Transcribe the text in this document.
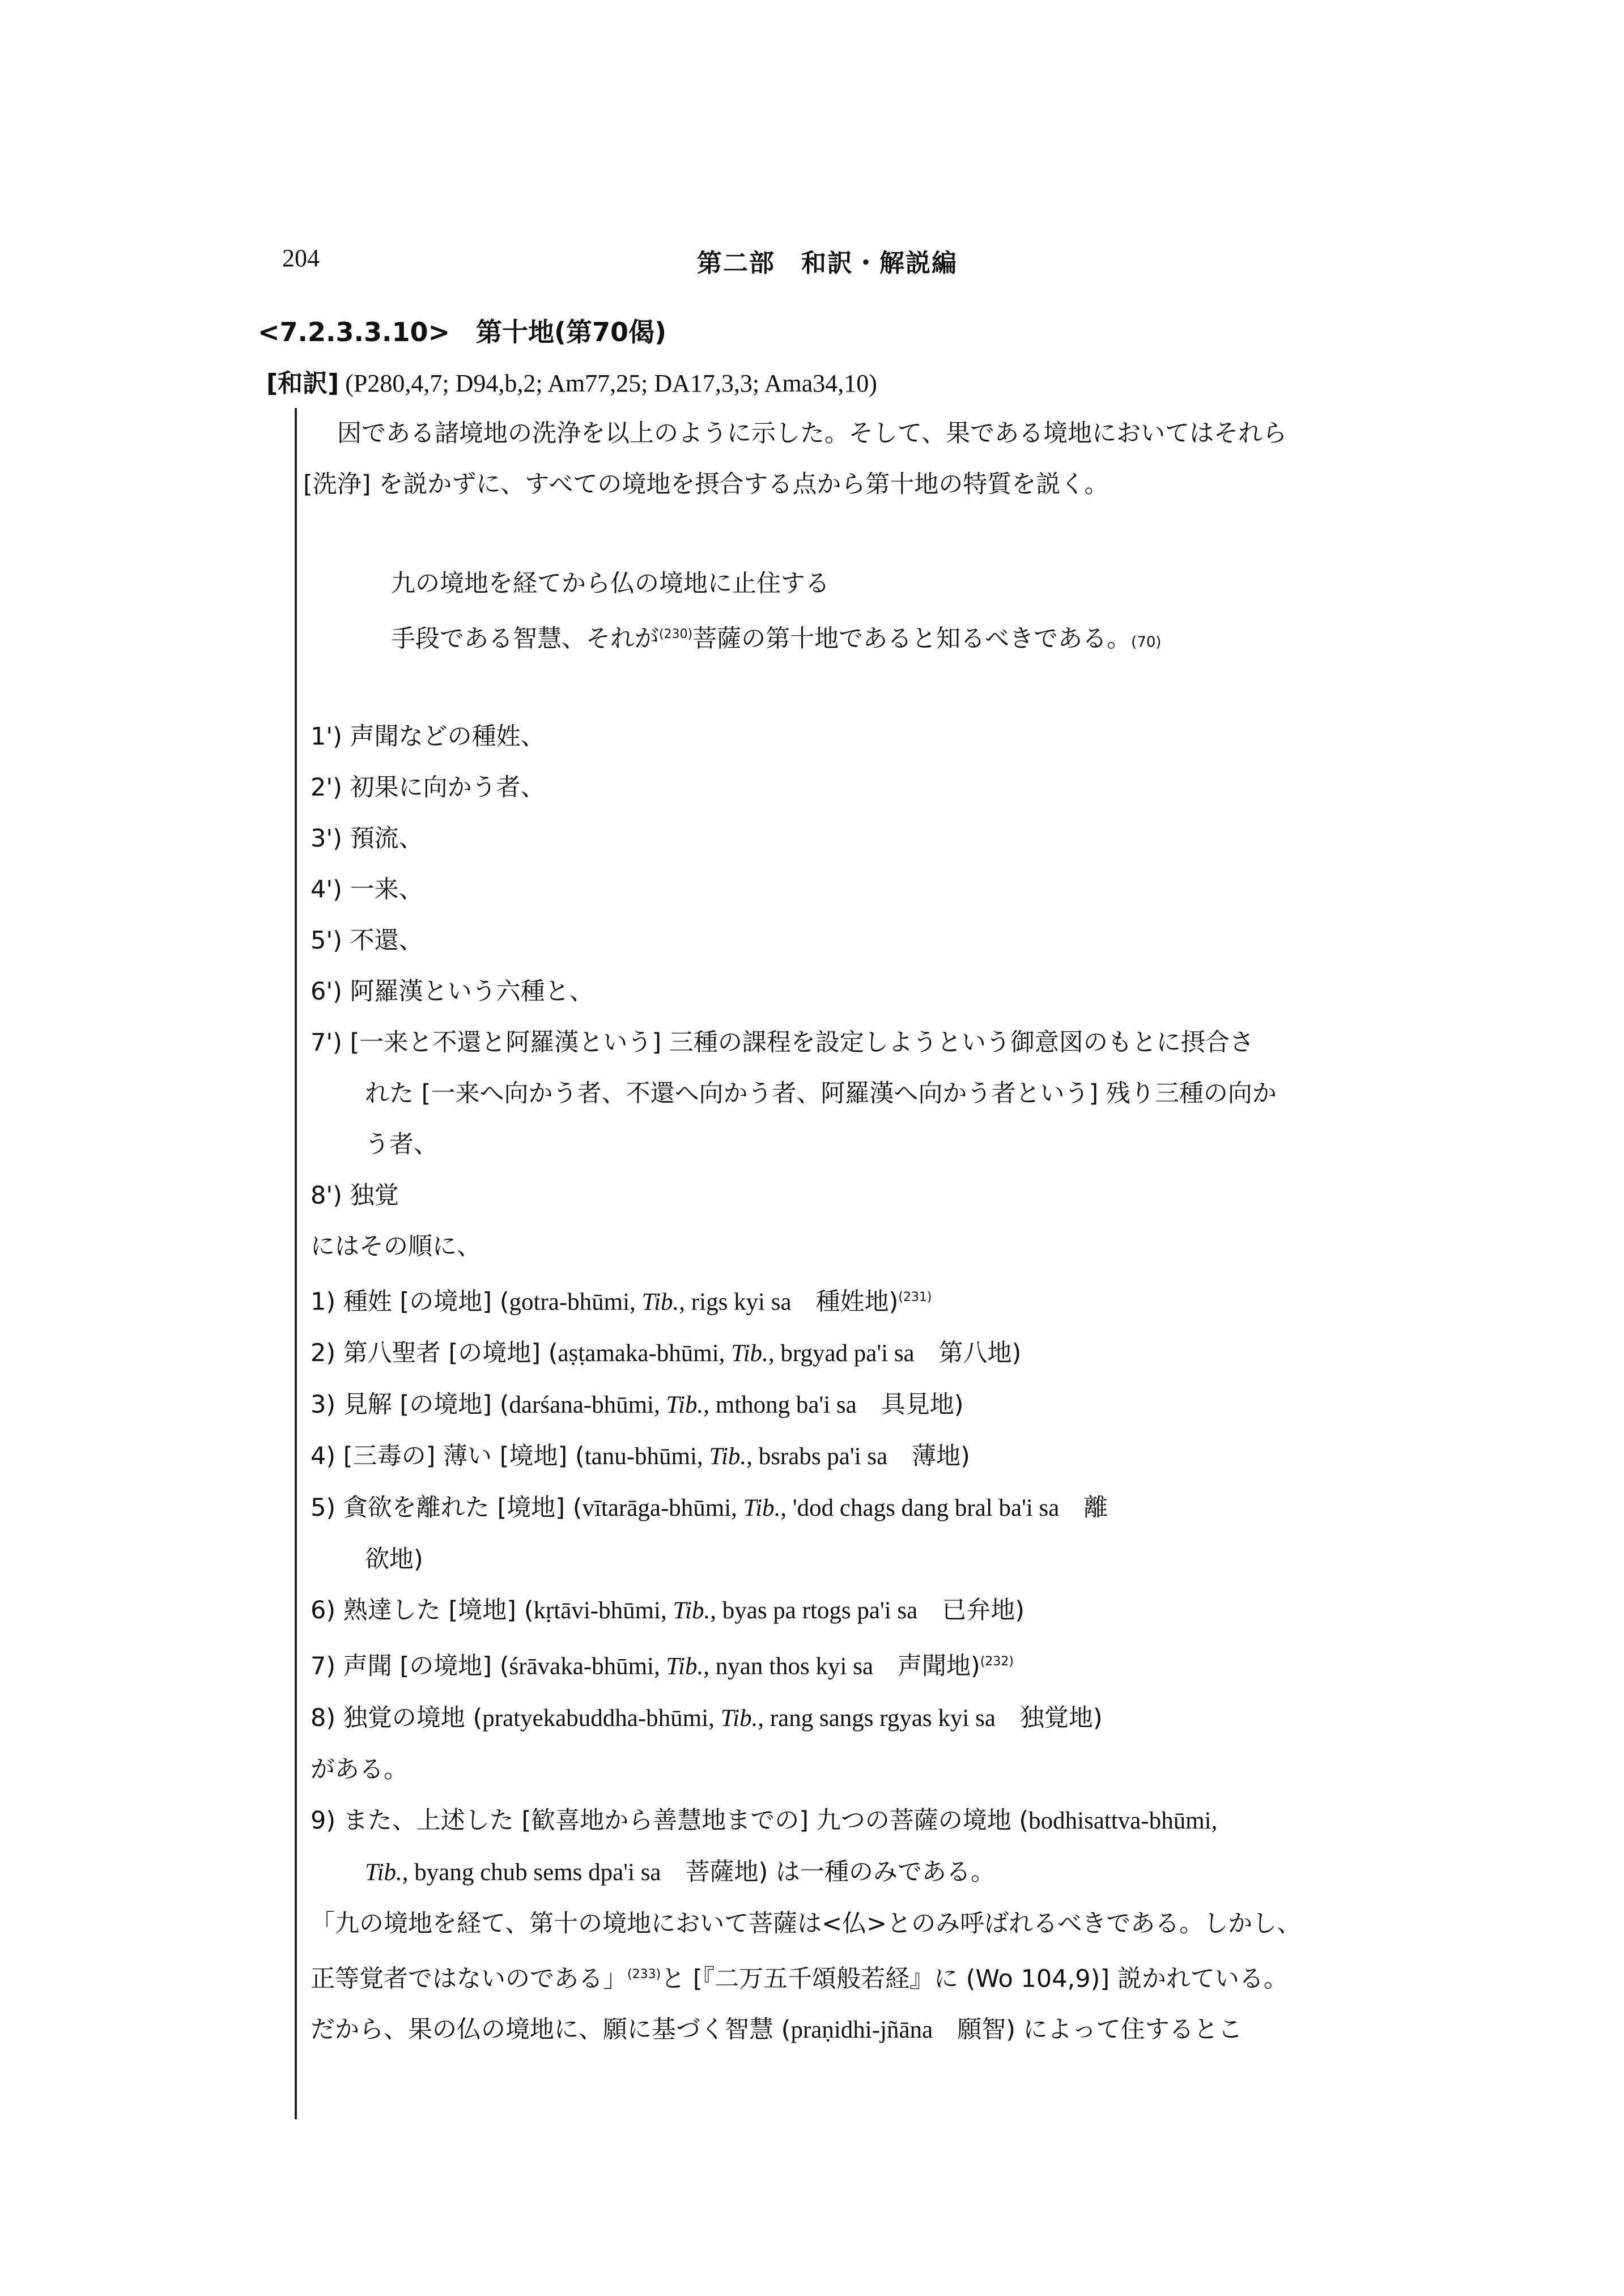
204	第二部　和訳・解説編
<7.2.3.3.10>　第十地(第70偈)
[和訳] (P280,4,7; D94,b,2; Am77,25; DA17,3,3; Ama34,10)
因である諸境地の洗浄を以上のように示した。そして、果である境地においてはそれら
[洗浄] を説かずに、すべての境地を摂合する点から第十地の特質を説く。
九の境地を経てから仏の境地に止住する
手段である智慧、それが$^{(230)}$菩薩の第十地であると知るべきである。(70)
1') 声聞などの種姓、
2') 初果に向かう者、
3') 預流、
4') 一来、
5') 不還、
6') 阿羅漢という六種と、
7') [一来と不還と阿羅漢という] 三種の課程を設定しようという御意図のもとに摂合さ
れた [一来へ向かう者、不還へ向かう者、阿羅漢へ向かう者という] 残り三種の向か
う者、
8') 独覚
にはその順に、
1) 種姓 [の境地] (gotra-bhūmi, Tib., rigs kyi sa　種姓地)$^{(231)}$
2) 第八聖者 [の境地] (aṣṭamaka-bhūmi, Tib., brgyad pa'i sa　第八地)
3) 見解 [の境地] (darśana-bhūmi, Tib., mthong ba'i sa　具見地)
4) [三毒の] 薄い [境地] (tanu-bhūmi, Tib., bsrabs pa'i sa　薄地)
5) 貪欲を離れた [境地] (vītarāga-bhūmi, Tib., 'dod chags dang bral ba'i sa　離
欲地)
6) 熟達した [境地] (kṛtāvi-bhūmi, Tib., byas pa rtogs pa'i sa　已弁地)
7) 声聞 [の境地] (śrāvaka-bhūmi, Tib., nyan thos kyi sa　声聞地)$^{(232)}$
8) 独覚の境地 (pratyekabuddha-bhūmi, Tib., rang sangs rgyas kyi sa　独覚地)
がある。
9) また、上述した [歓喜地から善慧地までの] 九つの菩薩の境地 (bodhisattva-bhūmi,
Tib., byang chub sems dpa'i sa　菩薩地) は一種のみである。
「九の境地を経て、第十の境地において菩薩は<仏>とのみ呼ばれるべきである。しかし、
正等覚者ではないのである」$^{(233)}$と [『二万五千頌般若経』に (Wo 104,9)] 説かれている。
だから、果の仏の境地に、願に基づく智慧 (praṇidhi-jñāna　願智) によって住するとこ
